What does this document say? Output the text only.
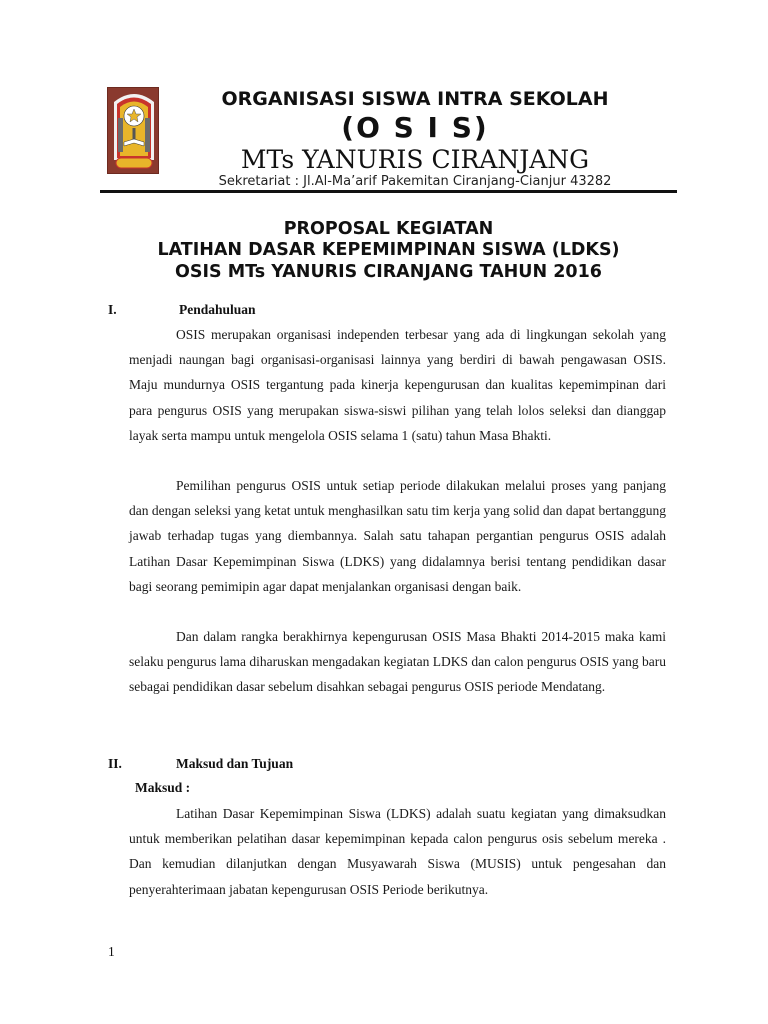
ORGANISASI SISWA INTRA SEKOLAH
(O S I S)
MTs YANURIS CIRANJANG
Sekretariat : Jl.Al-Ma’arif Pakemitan Ciranjang-Cianjur 43282
PROPOSAL KEGIATAN
LATIHAN DASAR KEPEMIMPINAN SISWA (LDKS)
OSIS MTs YANURIS CIRANJANG TAHUN 2016
I.	Pendahuluan

OSIS merupakan organisasi independen terbesar yang ada di lingkungan sekolah yang menjadi naungan bagi organisasi-organisasi lainnya yang berdiri di bawah pengawasan OSIS. Maju mundurnya OSIS tergantung pada kinerja kepengurusan dan kualitas kepemimpinan dari para pengurus OSIS yang merupakan siswa-siswi pilihan yang telah lolos seleksi dan dianggap layak serta mampu untuk mengelola OSIS selama 1 (satu) tahun Masa Bhakti.

Pemilihan pengurus OSIS untuk setiap periode dilakukan melalui proses yang panjang dan dengan seleksi yang ketat untuk menghasilkan satu tim kerja yang solid dan dapat bertanggung jawab terhadap tugas yang diembannya. Salah satu tahapan pergantian pengurus OSIS adalah Latihan Dasar Kepemimpinan Siswa (LDKS) yang didalamnya berisi tentang pendidikan dasar bagi seorang pemimipin agar dapat menjalankan organisasi dengan baik.

Dan dalam rangka berakhirnya kepengurusan OSIS Masa Bhakti 2014-2015 maka kami selaku pengurus lama diharuskan mengadakan kegiatan LDKS dan calon pengurus OSIS yang baru sebagai pendidikan dasar sebelum disahkan sebagai pengurus OSIS periode Mendatang.

II.	Maksud dan Tujuan
Maksud :

Latihan Dasar Kepemimpinan Siswa (LDKS) adalah suatu kegiatan yang dimaksudkan untuk memberikan pelatihan dasar kepemimpinan kepada calon pengurus osis sebelum mereka . Dan kemudian dilanjutkan dengan Musyawarah Siswa (MUSIS) untuk pengesahan dan penyerahterimaan jabatan kepengurusan OSIS Periode berikutnya.

1
